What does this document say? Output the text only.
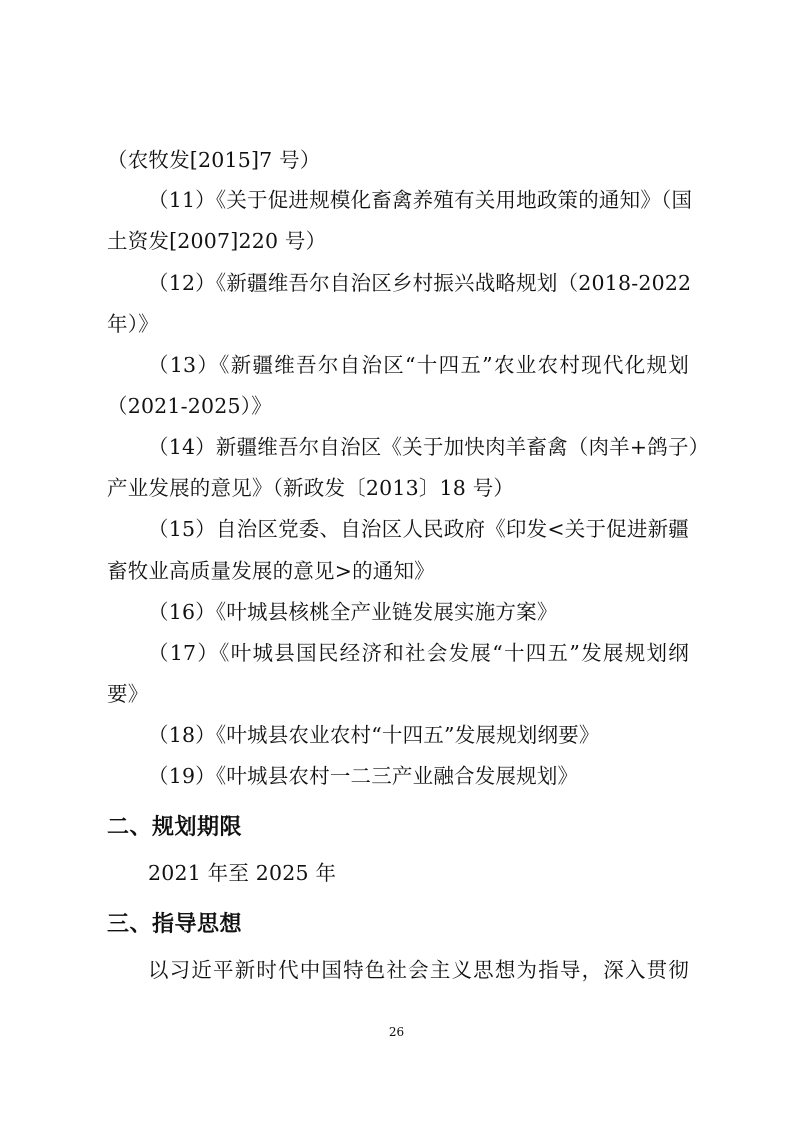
（农牧发[2015]7 号）
（11）《关于促进规模化畜禽养殖有关用地政策的通知》（国
土资发[2007]220 号）
（12）《新疆维吾尔自治区乡村振兴战略规划（2018-2022
年）》
（13）《新疆维吾尔自治区“十四五”农业农村现代化规划
（2021-2025）》
（14）新疆维吾尔自治区《关于加快肉羊畜禽（肉羊+鸽子）
产业发展的意见》（新政发〔2013〕18 号）
（15）自治区党委、自治区人民政府《印发<关于促进新疆
畜牧业高质量发展的意见>的通知》
（16）《叶城县核桃全产业链发展实施方案》
（17）《叶城县国民经济和社会发展“十四五”发展规划纲
要》
（18）《叶城县农业农村“十四五”发展规划纲要》
（19）《叶城县农村一二三产业融合发展规划》
二、规划期限
2021 年至 2025 年
三、指导思想
以习近平新时代中国特色社会主义思想为指导，深入贯彻
26
